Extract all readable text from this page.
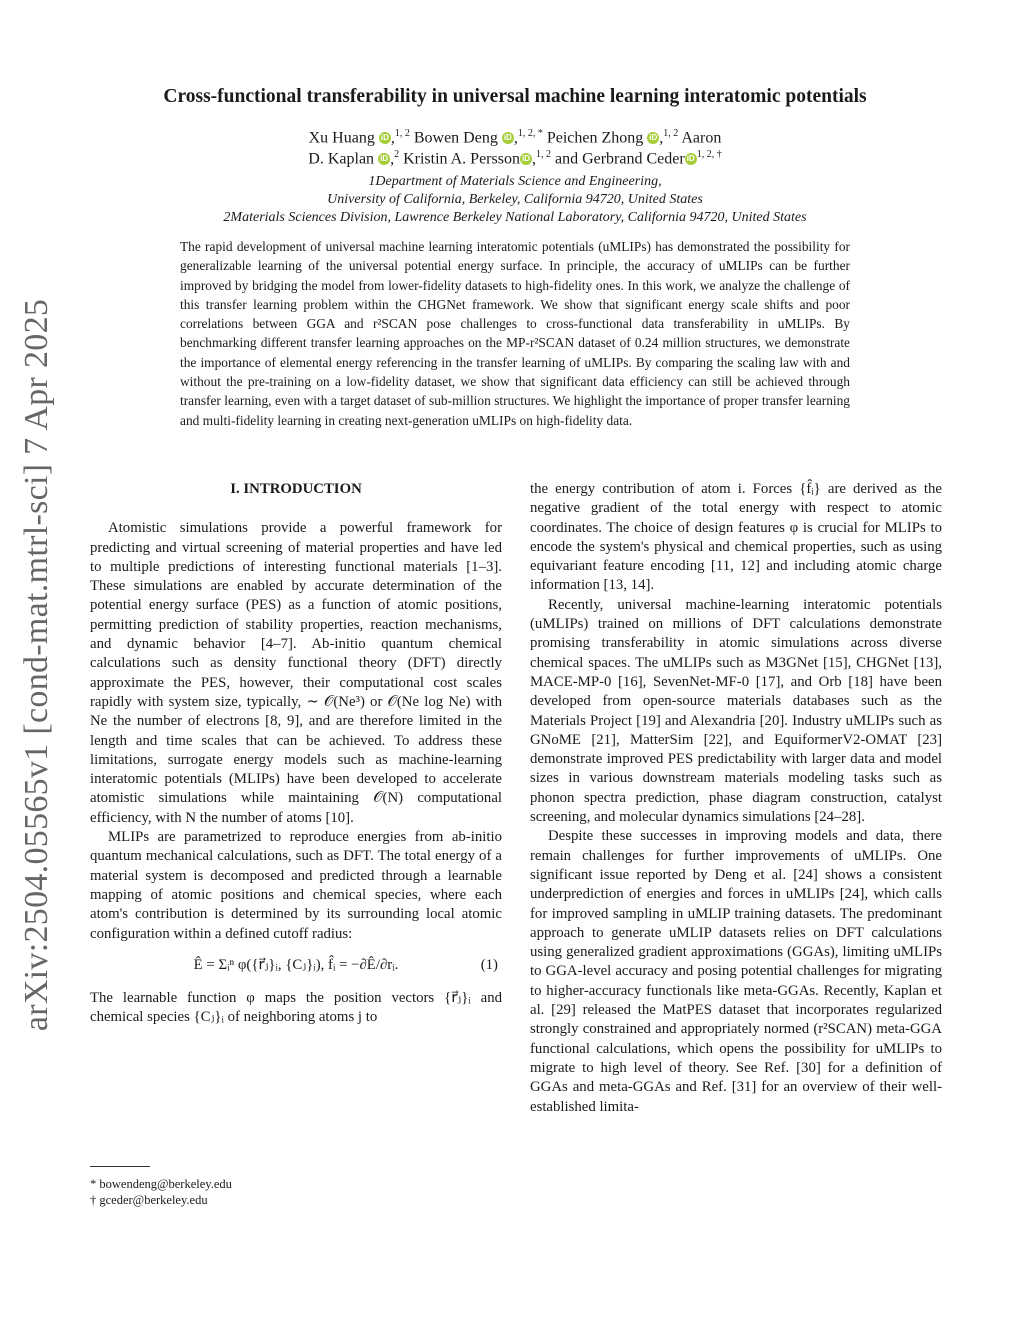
arXiv:2504.05565v1 [cond-mat.mtrl-sci] 7 Apr 2025
Cross-functional transferability in universal machine learning interatomic potentials
Xu Huang iD ,$^{1, 2}$ Bowen Deng iD ,$^{1, 2, *}$ Peichen Zhong iD ,$^{1, 2}$ Aaron
D. Kaplan iD ,$^2$ Kristin A. Persson iD ,$^{1, 2}$ and Gerbrand Ceder iD $^{1, 2, \dagger}$
1Department of Materials Science and Engineering,
University of California, Berkeley, California 94720, United States
2Materials Sciences Division, Lawrence Berkeley National Laboratory, California 94720, United States

The rapid development of universal machine learning interatomic potentials (uMLIPs) has demonstrated the possibility for generalizable learning of the universal potential energy surface. In principle, the accuracy of uMLIPs can be further improved by bridging the model from lower-fidelity datasets to high-fidelity ones. In this work, we analyze the challenge of this transfer learning problem within the CHGNet framework. We show that significant energy scale shifts and poor correlations between GGA and r²SCAN pose challenges to cross-functional data transferability in uMLIPs. By benchmarking different transfer learning approaches on the MP-r²SCAN dataset of 0.24 million structures, we demonstrate the importance of elemental energy referencing in the transfer learning of uMLIPs. By comparing the scaling law with and without the pre-training on a low-fidelity dataset, we show that significant data efficiency can still be achieved through transfer learning, even with a target dataset of sub-million structures. We highlight the importance of proper transfer learning and multi-fidelity learning in creating next-generation uMLIPs on high-fidelity data.

I. INTRODUCTION

Atomistic simulations provide a powerful framework for predicting and virtual screening of material properties and have led to multiple predictions of interesting functional materials [1–3]. These simulations are enabled by accurate determination of the potential energy surface (PES) as a function of atomic positions, permitting prediction of stability properties, reaction mechanisms, and dynamic behavior [4–7]. Ab-initio quantum chemical calculations such as density functional theory (DFT) directly approximate the PES, however, their computational cost scales rapidly with system size, typically, ∼ 𝒪(Ne³) or 𝒪(Ne log Ne) with Ne the number of electrons [8, 9], and are therefore limited in the length and time scales that can be achieved. To address these limitations, surrogate energy models such as machine-learning interatomic potentials (MLIPs) have been developed to accelerate atomistic simulations while maintaining 𝒪(N) computational efficiency, with N the number of atoms [10].

MLIPs are parametrized to reproduce energies from ab-initio quantum mechanical calculations, such as DFT. The total energy of a material system is decomposed and predicted through a learnable mapping of atomic positions and chemical species, where each atom's contribution is determined by its surrounding local atomic configuration within a defined cutoff radius:

Ê = Σᵢⁿ φ({r⃗ⱼ}ᵢ, {Cⱼ}ᵢ), f̂ᵢ = −∂Ê/∂rᵢ.	(1)

The learnable function φ maps the position vectors {r⃗ⱼ}ᵢ and chemical species {Cⱼ}ᵢ of neighboring atoms j to

* bowendeng@berkeley.edu
† gceder@berkeley.edu

the energy contribution of atom i. Forces {f̂ᵢ} are derived as the negative gradient of the total energy with respect to atomic coordinates. The choice of design features φ is crucial for MLIPs to encode the system's physical and chemical properties, such as using equivariant feature encoding [11, 12] and including atomic charge information [13, 14].

Recently, universal machine-learning interatomic potentials (uMLIPs) trained on millions of DFT calculations demonstrate promising transferability in atomic simulations across diverse chemical spaces. The uMLIPs such as M3GNet [15], CHGNet [13], MACE-MP-0 [16], SevenNet-MF-0 [17], and Orb [18] have been developed from open-source materials databases such as the Materials Project [19] and Alexandria [20]. Industry uMLIPs such as GNoME [21], MatterSim [22], and EquiformerV2-OMAT [23] demonstrate improved PES predictability with larger data and model sizes in various downstream materials modeling tasks such as phonon spectra prediction, phase diagram construction, catalyst screening, and molecular dynamics simulations [24–28].

Despite these successes in improving models and data, there remain challenges for further improvements of uMLIPs. One significant issue reported by Deng et al. [24] shows a consistent underprediction of energies and forces in uMLIPs [24], which calls for improved sampling in uMLIP training datasets. The predominant approach to generate uMLIP datasets relies on DFT calculations using generalized gradient approximations (GGAs), limiting uMLIPs to GGA-level accuracy and posing potential challenges for migrating to higher-accuracy functionals like meta-GGAs. Recently, Kaplan et al. [29] released the MatPES dataset that incorporates regularized strongly constrained and appropriately normed (r²SCAN) meta-GGA functional calculations, which opens the possibility for uMLIPs to migrate to high level of theory. See Ref. [30] for a definition of GGAs and meta-GGAs and Ref. [31] for an overview of their well-established limita-
